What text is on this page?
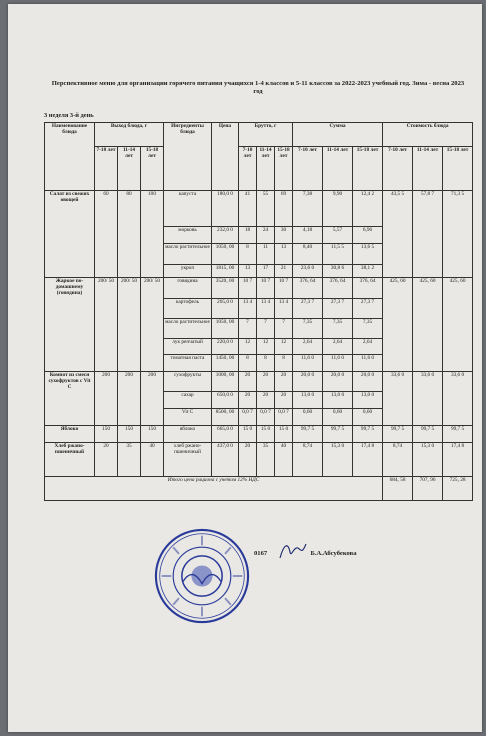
Перспективное меню для организации горячего питания учащихся 1-4 классов и 5-11 классов за 2022-2023 учебный год. Зима - весна 2023 год
3 неделя 3-й день
Наименование блюда	Выход блюда, г			Ингредиенты блюда	Цена	Брутто, г			Сумма			Стоимость блюда		
	7-10 лет	11-14 лет	15-18 лет			7-10 лет	11-14 лет	15-18 лет	7-10 лет	11-14 лет	15-18 лет	7-10 лет	11-14 лет	15-18 лет
Салат из свежих овощей	60	80	100	капуста	180,0 0	41	55	69	7,38	9,90	12,4 2	43,5 5	57,8 7	71,3 5
				морковь	232,0 0	18	24	30	4,18	5,57	6,96			
				масло растительное	1050, 00	8	11	13	8,40	11,5 5	13,6 5			
				укроп	1815, 00	13	17	21	23,6 0	30,8 6	38,1 2			
Жаркое по-домашнему (говядина)	200/ 50	200/ 50	200/ 50	говядина	3520, 00	10 7	10 7	10 7	376, 64	376, 64	376, 64	425, 60	425, 60	425, 60
				картофель	205,0 0	13 4	13 4	13 4	27,3 7	27,3 7	27,3 7			
				масло растительное	1050, 00	7	7	7	7,35	7,35	7,35			
				лук репчатый	220,0 0	12	12	12	2,64	2,64	2,64			
				томатная паста	1450, 00	8	8	8	11,6 0	11,6 0	11,6 0			
Компот из смеси сухофруктов с Vit C	200	200	200	сухофрукты	1000, 00	20	20	20	20,0 0	20,0 0	20,0 0	33,6 0	33,6 0	33,6 0
				сахар	650,0 0	20	20	20	13,0 0	13,0 0	13,0 0			
				Vit C	8500, 00	0,0 7	0,0 7	0,0 7	0,60	0,60	0,60			
Яблоко	150	150	150	яблоко	665,0 0	15 0	15 0	15 0	99,7 5	99,7 5	99,7 5	99,7 5	99,7 5	99,7 5
Хлеб ржано-пшеничный	20	35	40	хлеб ржано-пшеничный	437,0 0	20	35	40	8,74	15,3 0	17,4 8	8,74	15,3 0	17,4 8
Итого цена рациона с учетом 12% НДС												684, 58	707, 96	725, 28
0167	Б.А.Абсубекова
